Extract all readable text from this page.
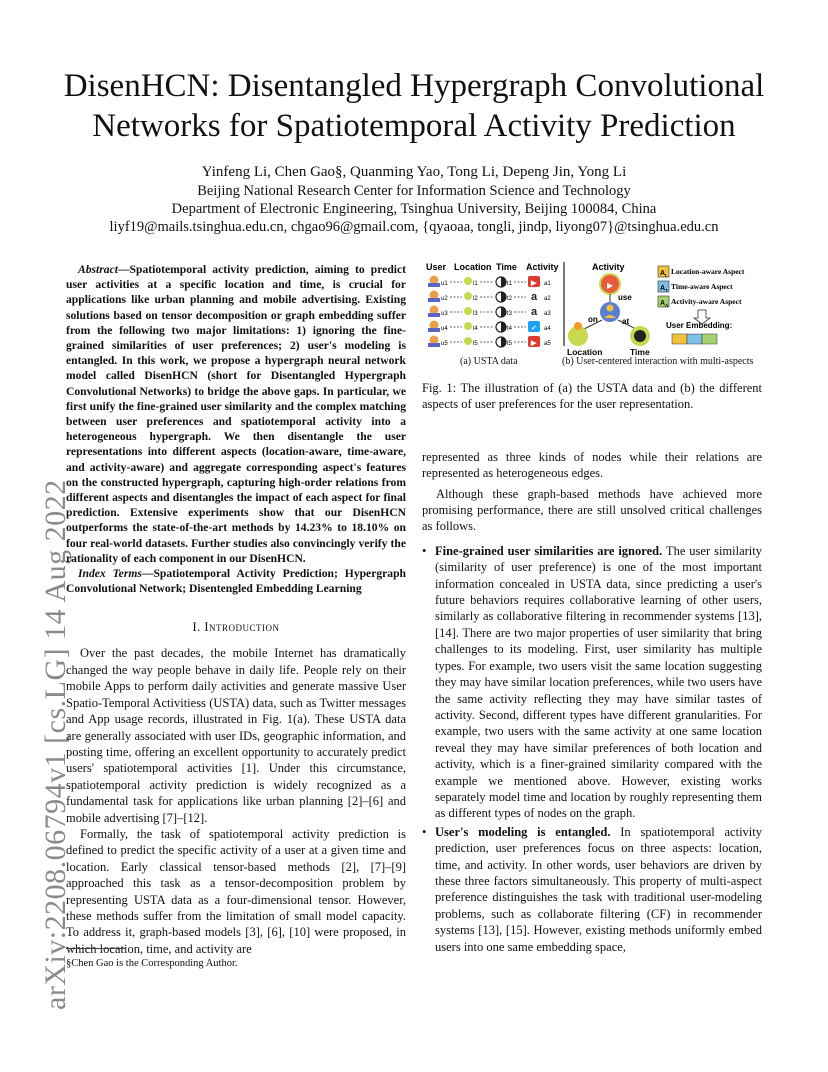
arXiv:2208.06794v1 [cs.LG] 14 Aug 2022
DisenHCN: Disentangled Hypergraph Convolutional
Networks for Spatiotemporal Activity Prediction
Yinfeng Li, Chen Gao§, Quanming Yao, Tong Li, Depeng Jin, Yong Li
Beijing National Research Center for Information Science and Technology
Department of Electronic Engineering, Tsinghua University, Beijing 100084, China
liyf19@mails.tsinghua.edu.cn, chgao96@gmail.com, {qyaoaa, tongli, jindp, liyong07}@tsinghua.edu.cn

Abstract—Spatiotemporal activity prediction, aiming to predict user activities at a specific location and time, is crucial for applications like urban planning and mobile advertising. Existing solutions based on tensor decomposition or graph embedding suffer from the following two major limitations: 1) ignoring the fine-grained similarities of user preferences; 2) user's modeling is entangled. In this work, we propose a hypergraph neural network model called DisenHCN (short for Disentangled Hypergraph Convolutional Networks) to bridge the above gaps. In particular, we first unify the fine-grained user similarity and the complex matching between user preferences and spatiotemporal activity into a heterogeneous hypergraph. We then disentangle the user representations into different aspects (location-aware, time-aware, and activity-aware) and aggregate corresponding aspect's features on the constructed hypergraph, capturing high-order relations from different aspects and disentangles the impact of each aspect for final prediction. Extensive experiments show that our DisenHCN outperforms the state-of-the-art methods by 14.23% to 18.10% on four real-world datasets. Further studies also convincingly verify the rationality of each component in our DisenHCN.

Index Terms—Spatiotemporal Activity Prediction; Hypergraph Convolutional Network; Disentengled Embedding Learning

I. Introduction

Over the past decades, the mobile Internet has dramatically changed the way people behave in daily life. People rely on their mobile Apps to perform daily activities and generate massive User Spatio-Temporal Activitiess (USTA) data, such as Twitter messages and App usage records, illustrated in Fig. 1(a). These USTA data are generally associated with user IDs, geographic information, and posting time, offering an excellent opportunity to accurately predict users' spatiotemporal activities [1]. Under this circumstance, spatiotemporal activity prediction is widely recognized as a fundamental task for applications like urban planning [2]–[6] and mobile advertising [7]–[12].

Formally, the task of spatiotemporal activity prediction is defined to predict the specific activity of a user at a given time and location. Early classical tensor-based methods [2], [7]–[9] approached this task as a tensor-decomposition problem by representing USTA data as a four-dimensional tensor. However, these methods suffer from the limitation of small model capacity. To address it, graph-based models [3], [6], [10] were proposed, in which location, time, and activity are

§Chen Gao is the Corresponding Author.
User Location Time Activity
u1	l1	t1	▶ a1
u2	l2	t2 a a2
u3	l3	t3 a a3
u4	l4	t4	✓ a4
u5	l5	t5	▶ a5
Activity
▶
use
on	at
Location	Time
A L Location-aware Aspect
A T Time-aware Aspect
A A Activity-aware Aspect
User Embedding:
(a) USTA data	(b) User-centered interaction with multi-aspects
Fig. 1: The illustration of (a) the USTA data and (b) the different aspects of user preferences for the user representation.

represented as three kinds of nodes while their relations are represented as heterogeneous edges.

Although these graph-based methods have achieved more promising performance, there are still unsolved critical challenges as follows.

• Fine-grained user similarities are ignored. The user similarity (similarity of user preference) is one of the most important information concealed in USTA data, since predicting a user's future behaviors requires collaborative learning of other users, similarly as collaborative filtering in recommender systems [13], [14]. There are two major properties of user similarity that bring challenges to its modeling. First, user similarity has multiple types. For example, two users visit the same location suggesting they may have similar location preferences, while two users have the same activity reflecting they may have similar tastes of activity. Second, different types have different granularities. For example, two users with the same activity at one same location reveal they may have similar preferences of both location and activity, which is a finer-grained similarity compared with the example we mentioned above. However, existing works separately model time and location by roughly representing them as different types of nodes on the graph.
• User's modeling is entangled. In spatiotemporal activity prediction, user preferences focus on three aspects: location, time, and activity. In other words, user behaviors are driven by these three factors simultaneously. This property of multi-aspect preference distinguishes the task with traditional user-modeling problems, such as collaborate filtering (CF) in recommender systems [13], [15]. However, existing methods uniformly embed users into one same embedding space,
